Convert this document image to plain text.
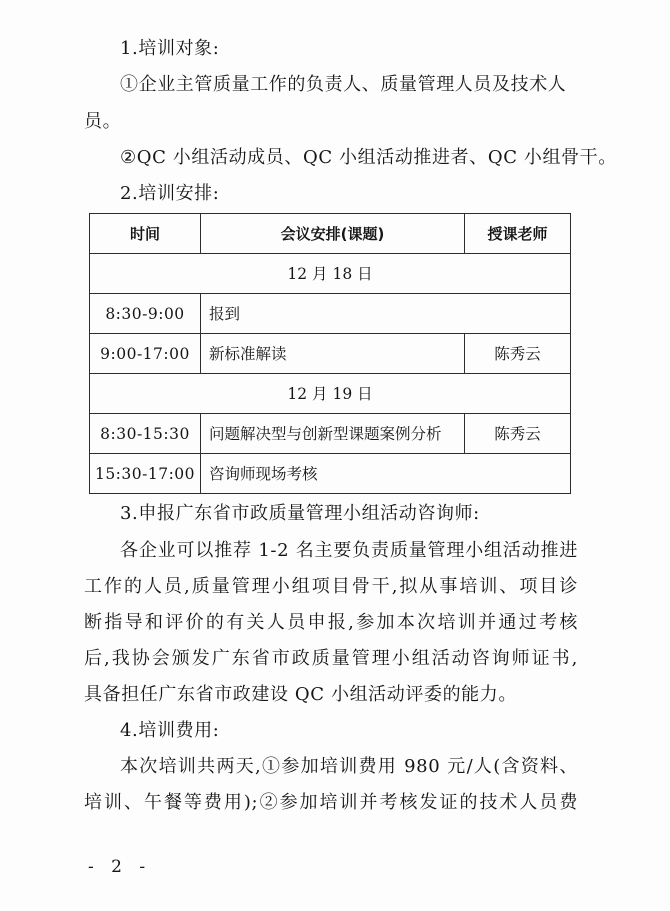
1.培训对象:
①企业主管质量工作的负责人、质量管理人员及技术人
员。
②QC 小组活动成员、QC 小组活动推进者、QC 小组骨干。
2.培训安排:
时间	会议安排(课题)	授课老师
12 月 18 日		
8:30-9:00	报到	
9:00-17:00	新标准解读	陈秀云
12 月 19 日		
8:30-15:30	问题解决型与创新型课题案例分析	陈秀云
15:30-17:00	咨询师现场考核	
3.申报广东省市政质量管理小组活动咨询师:
各企业可以推荐 1-2 名主要负责质量管理小组活动推进
工作的人员,质量管理小组项目骨干,拟从事培训、项目诊
断指导和评价的有关人员申报,参加本次培训并通过考核
后,我协会颁发广东省市政质量管理小组活动咨询师证书,
具备担任广东省市政建设 QC 小组活动评委的能力。
4.培训费用:
本次培训共两天,①参加培训费用 980 元/人(含资料、
培训、午餐等费用);②参加培训并考核发证的技术人员费
- 2 -
